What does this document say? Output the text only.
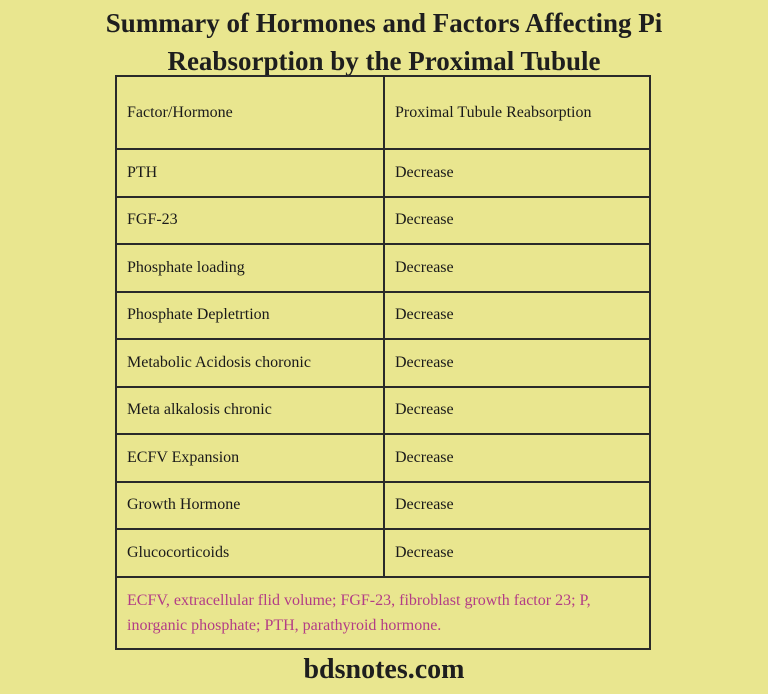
Summary of Hormones and Factors Affecting Pi
Reabsorption by the Proximal Tubule
Factor/Hormone	Proximal Tubule Reabsorption
PTH	Decrease
FGF-23	Decrease
Phosphate loading	Decrease
Phosphate Depletrtion	Decrease
Metabolic Acidosis choronic	Decrease
Meta alkalosis chronic	Decrease
ECFV Expansion	Decrease
Growth Hormone	Decrease
Glucocorticoids	Decrease
ECFV, extracellular flid volume; FGF-23, fibroblast growth factor 23; P, inorganic phosphate; PTH, parathyroid hormone.	
bdsnotes.com
